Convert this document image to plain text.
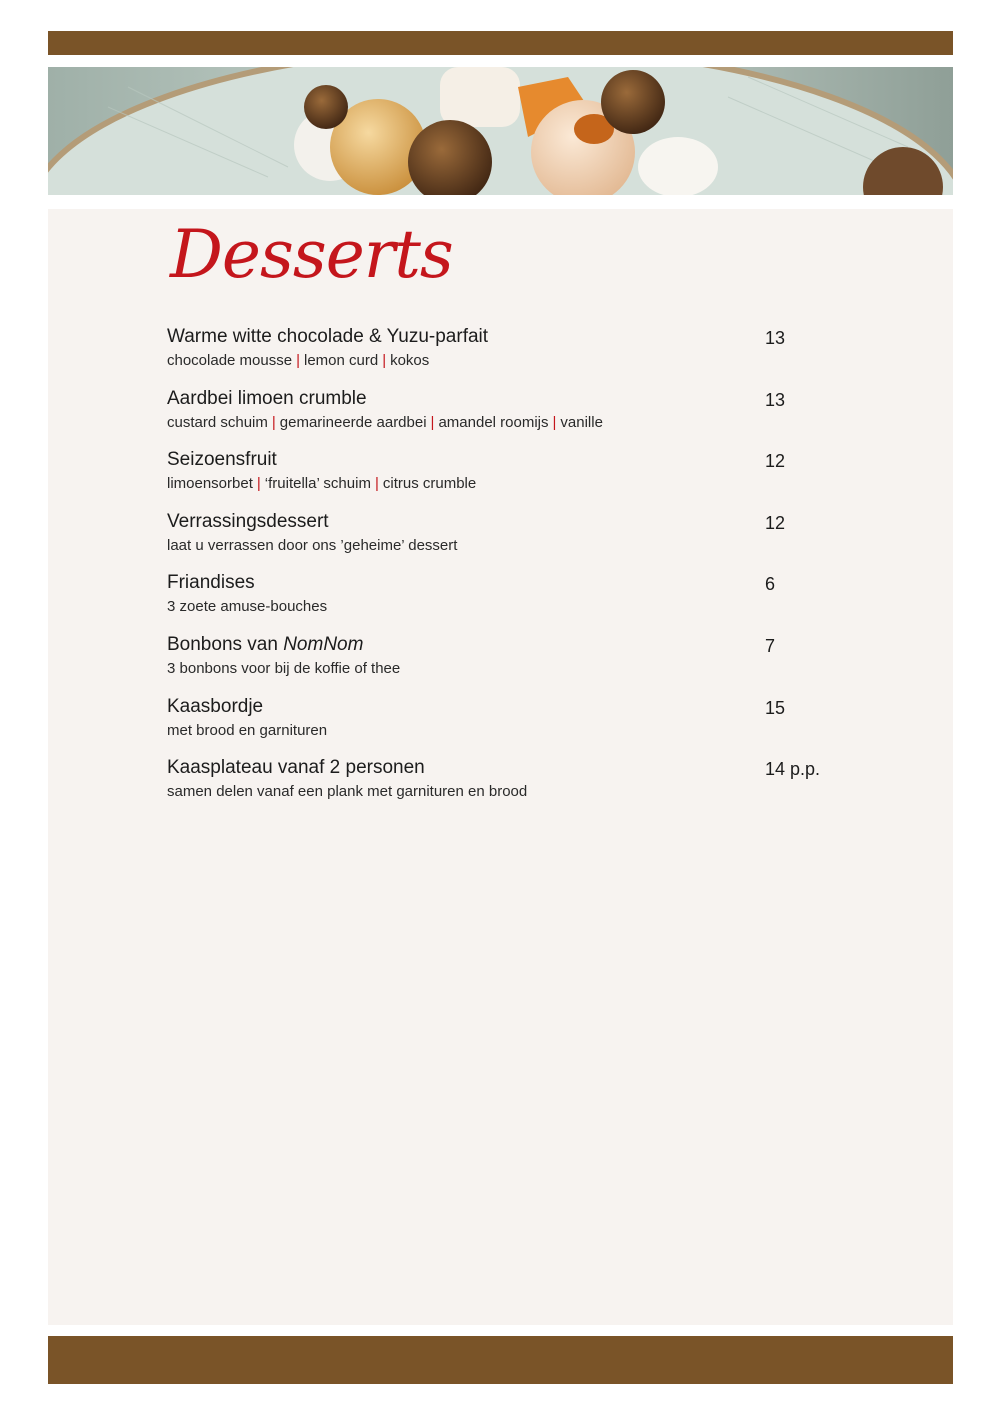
Desserts
Warme witte chocolade & Yuzu-parfait
chocolade mousse | lemon curd | kokos
13
Aardbei limoen crumble
custard schuim | gemarineerde aardbei | amandel roomijs | vanille
13
Seizoensfruit
limoensorbet | ‘fruitella’ schuim | citrus crumble
12
Verrassingsdessert
laat u verrassen door ons ’geheime’ dessert
12
Friandises
3 zoete amuse-bouches
6
Bonbons van NomNom
3 bonbons voor bij de koffie of thee
7
Kaasbordje
met brood en garnituren
15
Kaasplateau vanaf 2 personen
samen delen vanaf een plank met garnituren en brood
14 p.p.
